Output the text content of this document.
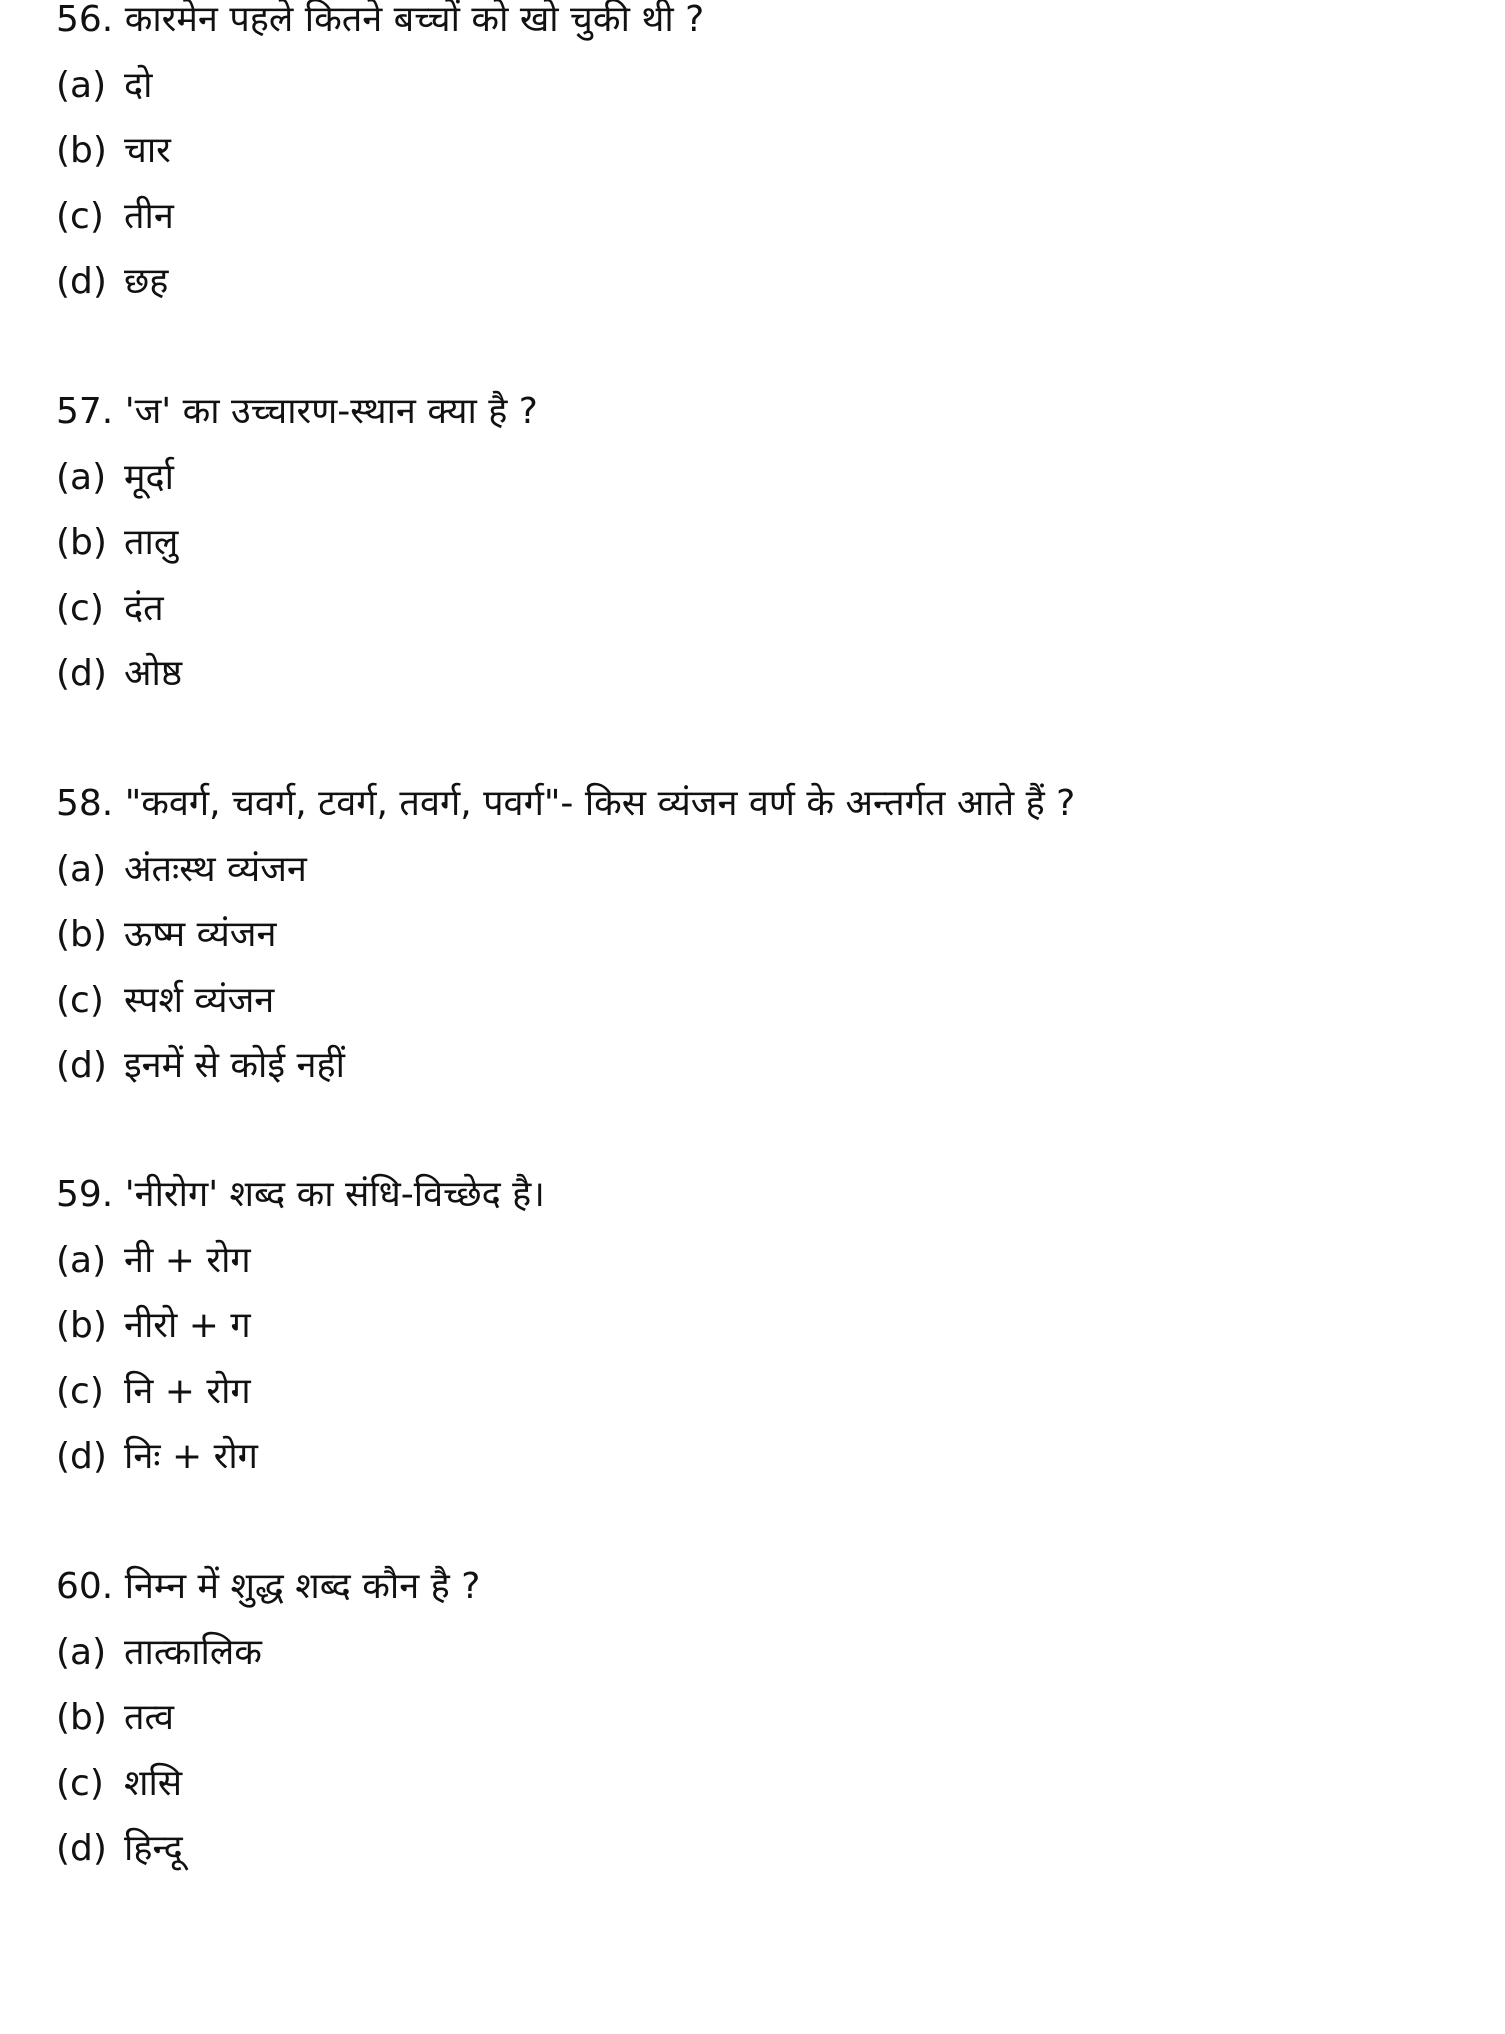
56. कारमेन पहले कितने बच्चों को खो चुकी थी ?
(a) दो
(b) चार
(c) तीन
(d) छह
57. 'ज' का उच्चारण-स्थान क्या है ?
(a) मूर्दा
(b) तालु
(c) दंत
(d) ओष्ठ
58. "कवर्ग, चवर्ग, टवर्ग, तवर्ग, पवर्ग"- किस व्यंजन वर्ण के अन्तर्गत आते हैं ?
(a) अंतःस्थ व्यंजन
(b) ऊष्म व्यंजन
(c) स्पर्श व्यंजन
(d) इनमें से कोई नहीं
59. 'नीरोग' शब्द का संधि-विच्छेद है।
(a) नी + रोग
(b) नीरो + ग
(c) नि + रोग
(d) निः + रोग
60. निम्न में शुद्ध शब्द कौन है ?
(a) तात्कालिक
(b) तत्व
(c) शसि
(d) हिन्दू
